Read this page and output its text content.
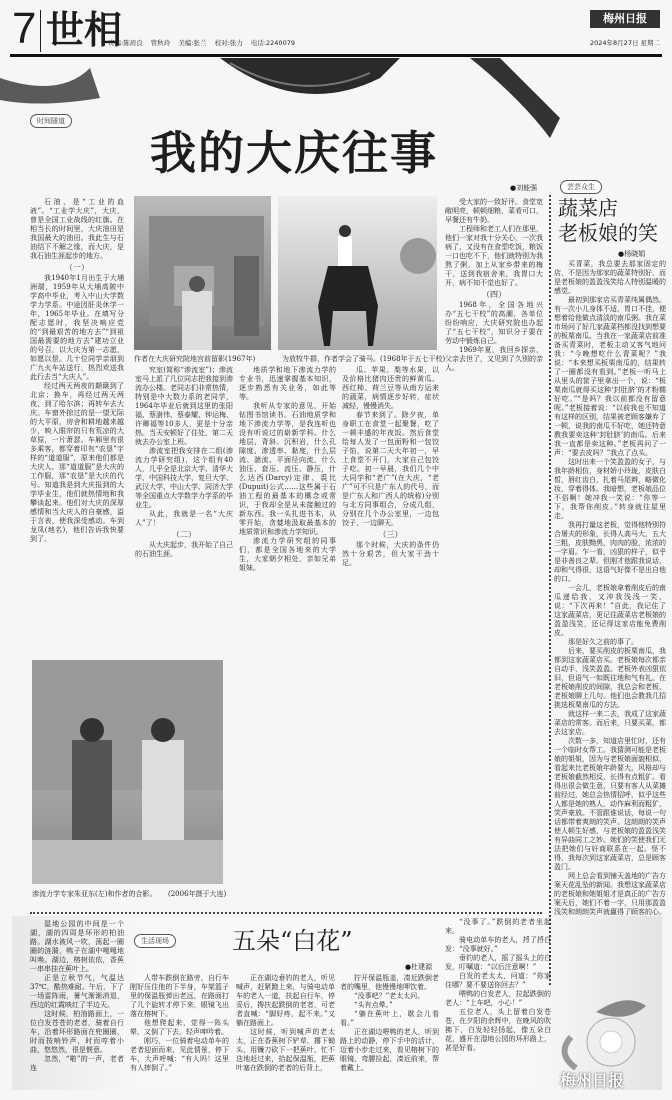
7 世相
责编:陈肩良 管秋玲 美编:张兰 校对:张力 电话:2240079
梅州日报
2024年8月27日 星期二
时间隧道
我的大庆往事
●刘能强

石油，是“工业的血液”。“工业学大庆”，大庆，曾是全国工业战线的红旗。在相当长的时间里，大庆油田是我国最大的油田。我此生与石油结下不解之缘，而大庆，是我石油生涯起步的地方。

（一）

我1940年1月出生于大埔洲瑞，1959年从大埔高陂中学高中毕业，考入中山大学数学力学系。中途因肝炎休学一年，1965年毕业。在填写分配志愿时，我坚决响应党的“到最艰苦的地方去”“到祖国最需要的地方去”建功立业的号召，以大庆为第一志愿，如愿以偿。几十位同学亲朋到广九火车站送行，热烈欢送我此行去当“大庆人”。

经过两天两夜的颠簸到了北京；换车，再经过两天两夜，到了哈尔滨；再转车去大庆。车窗外掠过的是一望无际的大平原，房舍和耕地越来越少，映入眼帘的只有荒凉的大草原，一片萧瑟。车厢里有很多乘客，都穿着印有“农垦”字样的“道道服”，原来他们都是大庆人。那“道道服”是大庆的工作服，那“农垦”是大庆的代号。知道我是到大庆报到的大学毕业生，他们就热情地和我攀谈起来。他们对大庆的深厚感情和当大庆人的自豪感，溢于言表，使我深受感动。车到龙凤(地名)，他们告诉我快要到了。

作者在大庆研究院地宫前留影(1967年)	为放牧牛群，作者学会了骑马。(1968年于五七干校)

究室(简称“渗流室”)；渗流室马上派了几位同志把我接到渗流办公楼。老同志们非常热情，特别是中大数力系的老同学，1964年毕业后就到这里的张阳福、蔡澍伟、蔡泰耀、钟运梅、许卿福等10多人，更是十分亲热。当天安顿好了住处，第二天就去办公室上班。

渗流室把我安排在二组(渗流力学研究组)，这个组有40人，几乎全是北京大学、清华大学、中国科技大学、复旦大学、武汉大学、中山大学、同济大学等全国重点大学数学力学系的毕业生。

从此，我就是一名“大庆人”了！

（二）

从大庆起步，我开始了自己的石油生涯。

地质学和地下渗流力学的专业书，迅速掌握基本知识，逐步熟悉有关业务，如此等等。

我听从专家的意见，开始钻图书馆读书。石油地质学和地下渗流力学等，是我连听也没有听说过的崭新学科。什么地层、背斜、沉积岩，什么孔隙度、渗透率、黏度，什么层流、湍流、平面径向流，什么油压、套压、流压、静压，什么达西(Darcy)定律、裘比(Dupuit)公式……这些属于石油工程的最基本的概念或常识，于我却全是从未接触过的新东西。我一头扎进书本，从零开始，贪婪地汲取最基本的地质常识和渗流力学知识。

渗流力学研究组的同事们，都是全国各地来的大学生，大家朝夕相处，亲如兄弟姐妹。

瓜、苹果、梨等水果，以及价格比猪肉还贵的鲜黄瓜、西红柿、荷兰豆等从南方运来的蔬菜，病情逐步好转，症状减轻，慢慢消失。

春节来到了。除夕夜，单身职工在食堂一起聚餐，吃了一顿丰盛的年夜饭。然后食堂给每人发了一包面粉和一包饺子馅，说第二天大年初一，早上食堂不开门，大家自己包饺子吃。初一早晨，我们几个中大同学和“老广”(在大庆，“老广”可不只是广东人的代号，而是广东人和广西人的统称)分别与北方同事组合，分成几组，分别在几个办公室里，一边包饺子，一边聊天。

（三）

那个时候，大庆的条件仍然十分艰苦，但大家干劲十足。

受大家的一致好评。食堂宽敞明亮，顿顿细粮，菜肴可口，早餐还有牛奶。

工程师和老工人们在那里，他们一家对我十分关心，一次我病了，又没有在食堂吃饭，粮饭一口也吃不下，他们就特别为我熬了粥，加上从家乡带来的梅干，送到我宿舍来，我胃口大开，病不知不觉也好了。

（四）

1968年，全国各地兴办“五七干校”的高潮，各单位纷纷响应，大庆研究院也办起了“五七干校”，知识分子要在劳动中锻炼自己。

1969年夏，我回乡探亲，父亲去世了，又见到了久别的亲人。

渗流力学专家朱亚东(左)和作者的合影。 (2006年摄于大连)
芸芸众生
蔬菜店
老板娘的笑
●杨晓娟

买青菜，我总要去那家固定的店，不是因为那家的蔬菜特别好，而是老板娘的盈盈浅笑给人特别温暖的感觉。

最初到那家店买青菜纯属偶然。有一次小儿身体不适，胃口不佳，便想着给他做点清淡的南瓜粥。我在菜市场问了好几家蔬菜档都没找到想要的板栗南瓜。当我在一家蔬菜店前准备买青菜时，老板主动又客气地问我：“今晚想吃什么青菜呢？”我说：“本来想买板栗南瓜的，结果转了一圈都没有看到。”老板一听马上从里头的筐子里拿出一个，说：“板栗南瓜就得买这种‘封肚脐’的才粉糯好吃。”“是吗？我以前都没有留意呢。”老板接着说：“以前我也不知道有这样的区别，结果被老顾客嫌弃了一顿，说我的南瓜不好吃，她还特意教我要卖这种‘封肚脐’的南瓜。后来我一直都是卖这种。”老板再问了一声：“要去皮吗？”我点了点头。

这时出来一个笑盈盈的女子，与我年龄相仿，身材娇小玲珑，皮肤白皙，唇红齿白，扎着马尾辫，略微化妆，穿着得体。我暗想，老板娘品位不俗啊！她冲我一笑说：“你等一下，我帮你削皮。”转身就往屋里走。

我再打量这老板，觉得他特别符合屠夫的形象，长得人高马大，五大三粗，皮肤黝黑，肉肉的脸，浓浓的一字眉。乍一看，凶狠的样子，似乎是非善良之辈。但刚才他跟我说话，却和气得很，这语气好像不是出自他的口。

一会儿，老板娘拿着削皮后的南瓜递给我，又冲我浅浅一笑，说：“下次再来！”自此，我记住了这家蔬菜店，更记住蔬菜店老板娘的盈盈浅笑，还记得这家店能免费削皮。

那是好久之前的事了。

后来，要买削皮的板栗南瓜，我都到这家蔬菜店买。老板娘每次都亲自动手，浅笑盈盈。老板外表凶狠依旧，但语气一如既往地和气有礼。在老板娘削皮的间隙，我总会和老板、老板娘聊上几句。他们也会教我几招挑选板栗南瓜的方法。

就这样一来二去，我成了这家蔬菜店的常客。而后来，只要买菜，都去这家店。

次数一多，知道店里忙时，还有一个临时女帮工。我猜测可能是老板娘的姐姐，因为与老板娘面貌相似，看起来比老板娘年龄要大，风格却与老板娘截然相反，长得有点粗犷。看得出很会做生意，只要有客人从菜摊前经过，她总会热情招呼，似乎这些人都是她的熟人，动作麻利而粗犷，笑声豪放。不管跟谁说话，每说一句话都带着爽朗的笑声。这朗朗的笑声使人顿生好感，与老板娘的盈盈浅笑有异曲同工之妙。她们的笑使我们无法把她们与奸商联系在一起。怪不得，我每次到这家蔬菜店，总是顾客盈门。

网上总会看到铺天盖地的广告方案天花乱坠的新闻。我想这家蔬菜店的老板娘和她姐姐才是真正的广告方案天后，她们不着一字，只用那盈盈浅笑和朗朗笑声就赢得了顾客的心。

湿地公园的中间是一个湖，湖的四周是环形的柏油路。湖水被风一吹，荡起一圈圈的涟漪，鸭子在湖中嘎嘎地叫唤。湖边，榕树依依，香蕉一串串挂在蕉叶上。

正是立秋节气，气温达37℃，酷热难耐。午后，下了一场雷阵雨，暑气渐渐消退，西边的红霞映红了半边天。

这时候，柏油路面上，一位白发苍苍的老者，骑着自行车，沿着环形路面在兜圈圈，时而按响铃声，时而哼着小曲，悠悠然，很是惬意。

忽然，“啪”的一声，老者连

生活现场	五朵“白花”
●杜建源

人带车跌倒在路旁，自行车刚好压住他的下半身，车架篮子里的保温瓶弹出老远，在路面打了几个旋转才停下来，眼镜飞出落在榕树下。

他想爬起来，觉得一阵头晕，又倒了下去，轻声呻吟着。

刚巧，一位骑着电动单车的老者迎面而来，见此情景，停下车，大声呼喊：“有人吗！这里有人摔倒了。”

正在湖边垂钓的老人，听见喊声，赶紧跑上来，与骑电动单车的老人一道，扶起自行车，停妥后，搀扶起跌倒的老者，可老者直喊：“脚好疼，起不来。”又躺在路面上。

这时候，听到喊声的老太太，正在香蕉树下铲草，撂下锄头，用镰刀砍下一把蕉叶，忙不迭地赶过来，拾起保温瓶，把蕉叶塞在跌倒的老者的后背上，

拧开保温瓶盖，凑近跌倒老者的嘴里，他慢慢地呷饮着。

“没事吧？”老太太问。

“头有点晕。”

“躺在蕉叶上，歇会儿看看。”

正在湖边喂鸭的老人，听到路上的动静，停下手中的活计，迈着小步走过来，看见榕树下的眼镜，弯腰捡起，凑近前来，帮着戴上。

“没事了。”跌倒的老者坐起来。

骑电动单车的老人，捋了捋白发：“没事就好。”

垂钓的老人，摇了摇头上的白发，叮嘱道：“以后注意啊！”

白发的老太太，问道：“你家住哪？要不要送你回去？”

喂鸭的白发老人，拉起跌倒的老人：“上车吧，小心！”

五位老人，头上留着白发苍苍，在夕阳的余辉中，在晚风的吹拂下，白发轻轻扬起，像五朵白花，盛开在湿地公园的环形路上，甚是好看。

梅州日报
